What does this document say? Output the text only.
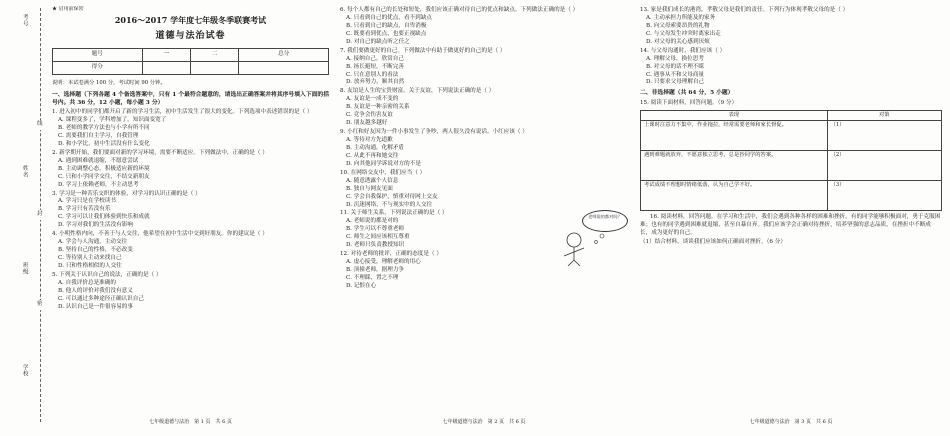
考号
姓名
班级
学校
线
封
密
★ 启用前保密
2016～2017 学年度七年级冬季联赛考试
道德与法治试卷
题号	一	二	总分
得分			
说明：本试卷满分 100 分，考试时间 90 分钟。
一、选择题（下列各题 4 个备选答案中，只有 1 个最符合题意的，请选出正确答案并将其序号填入下面的括号内。共 36 分，12 小题，每小题 3 分）
1. 进入初中的同学们都开启了新的学习生活，初中生活发生了很大的变化。下列选项中表述错误的是（ ）
A. 课程变多了，学科增加了，知识面变宽了
B. 老师的教学方法也与小学有所不同
C. 需要我们自主学习，自我管理
D. 和小学比，初中生活没有什么变化
2. 新学期开始，我们要面对新的学习环境，需要不断适应。下列做法中，正确的是（ ）
A. 遇到困难就退缩，不愿意尝试
B. 主动调整心态，积极适应新的环境
C. 只和小学同学交往，不结交新朋友
D. 学习上依赖老师，不主动思考
3. 学习是一种苦乐交织的体验，对学习的认识正确的是（ ）
A. 学习只是在学校读书
B. 学习只有苦没有乐
C. 学习可以让我们体验到快乐和成就
D. 学习对我们的生活没有影响
4. 小明性格内向，不善于与人交往，他希望在初中生活中交到好朋友。你的建议是（ ）
A. 学会与人沟通，主动交往
B. 坚持自己的性格，不必改变
C. 等待别人主动来找自己
D. 只和性格相似的人交往
5. 下列关于认识自己的说法，正确的是（ ）
A. 自我评价总是准确的
B. 他人的评价对我们没有意义
C. 可以通过多种途径正确认识自己
D. 认识自己是一件很容易的事
七年级道德与法治　第 1 页　共 6 页
6. 每个人都有自己的长处和短处，我们应该正确对待自己的优点和缺点。下列做法正确的是（ ）
A. 只看到自己的优点，看不到缺点
B. 只看到自己的缺点，自卑消极
C. 既要看到优点，也要正视缺点
D. 对自己的缺点听之任之
7. 我们要做更好的自己。下列做法中有助于做更好的自己的是（ ）
A. 接纳自己，欣赏自己
B. 扬长避短，不断完善
C. 只在意别人的看法
D. 放弃努力，顺其自然
8. 友谊是人生的宝贵财富。关于友谊，下列说法正确的是（ ）
A. 友谊是一成不变的
B. 友谊是一种亲密的关系
C. 竞争会伤害友谊
D. 朋友越多越好
9. 小红和好友因为一件小事发生了争吵，两人很久没有说话。小红应该（ ）
A. 等待对方先道歉
B. 主动沟通，化解矛盾
C. 从此不再和她交往
D. 向其他同学诉说对方的不是
10. 在网络交友中，我们应当（ ）
A. 随意透露个人信息
B. 独自与网友见面
C. 学会自我保护，慎重对待网上交友
D. 沉迷网络，不与现实中的人交往
老师说的都对吗？
11. 关于师生关系，下列说法正确的是（ ）
A. 老师说的都是对的
B. 学生可以不尊重老师
C. 师生之间应该相互尊重
D. 老师只负责教授知识
12. 对待老师的批评，正确的态度是（ ）
A. 虚心接受，理解老师的用心
B. 顶撞老师，据理力争
C. 不理睬，置之不理
D. 记恨在心
七年级道德与法治　第 2 页　共 6 页
13. 家是我们成长的港湾，孝敬父母是我们的责任。下列行为体现孝敬父母的是（ ）
A. 主动承担力所能及的家务
B. 向父母索要昂贵的礼物
C. 与父母发生冲突时离家出走
D. 对父母的关心感到厌烦
14. 与父母沟通时，我们应该（ ）
A. 理解父母，换位思考
B. 对父母的话不理不睬
C. 遇事从不和父母商量
D. 只要求父母理解自己
二、非选择题（共 64 分，5 小题）
15. 阅读下面材料，回答问题。（9 分）
表现	对策
上课时注意力不集中，作业拖拉，经常需要老师和家长督促。	（1）
遇到难题就放弃，不愿意独立思考，总是抄同学的答案。	（2）
考试成绩不理想时情绪低落，认为自己学不好。	（3）
16. 阅读材料，回答问题。在学习和生活中，我们会遇到各种各样的困难和挫折。有的同学能够积极面对，勇于克服困难；也有的同学遇到困难就退缩，甚至自暴自弃。我们应该学会正确对待挫折，培养坚强的意志品质，在挫折中不断成长，成为更好的自己。
（1）结合材料，谈谈我们应该如何正确面对挫折。（6 分）
七年级道德与法治　第 3 页　共 6 页
